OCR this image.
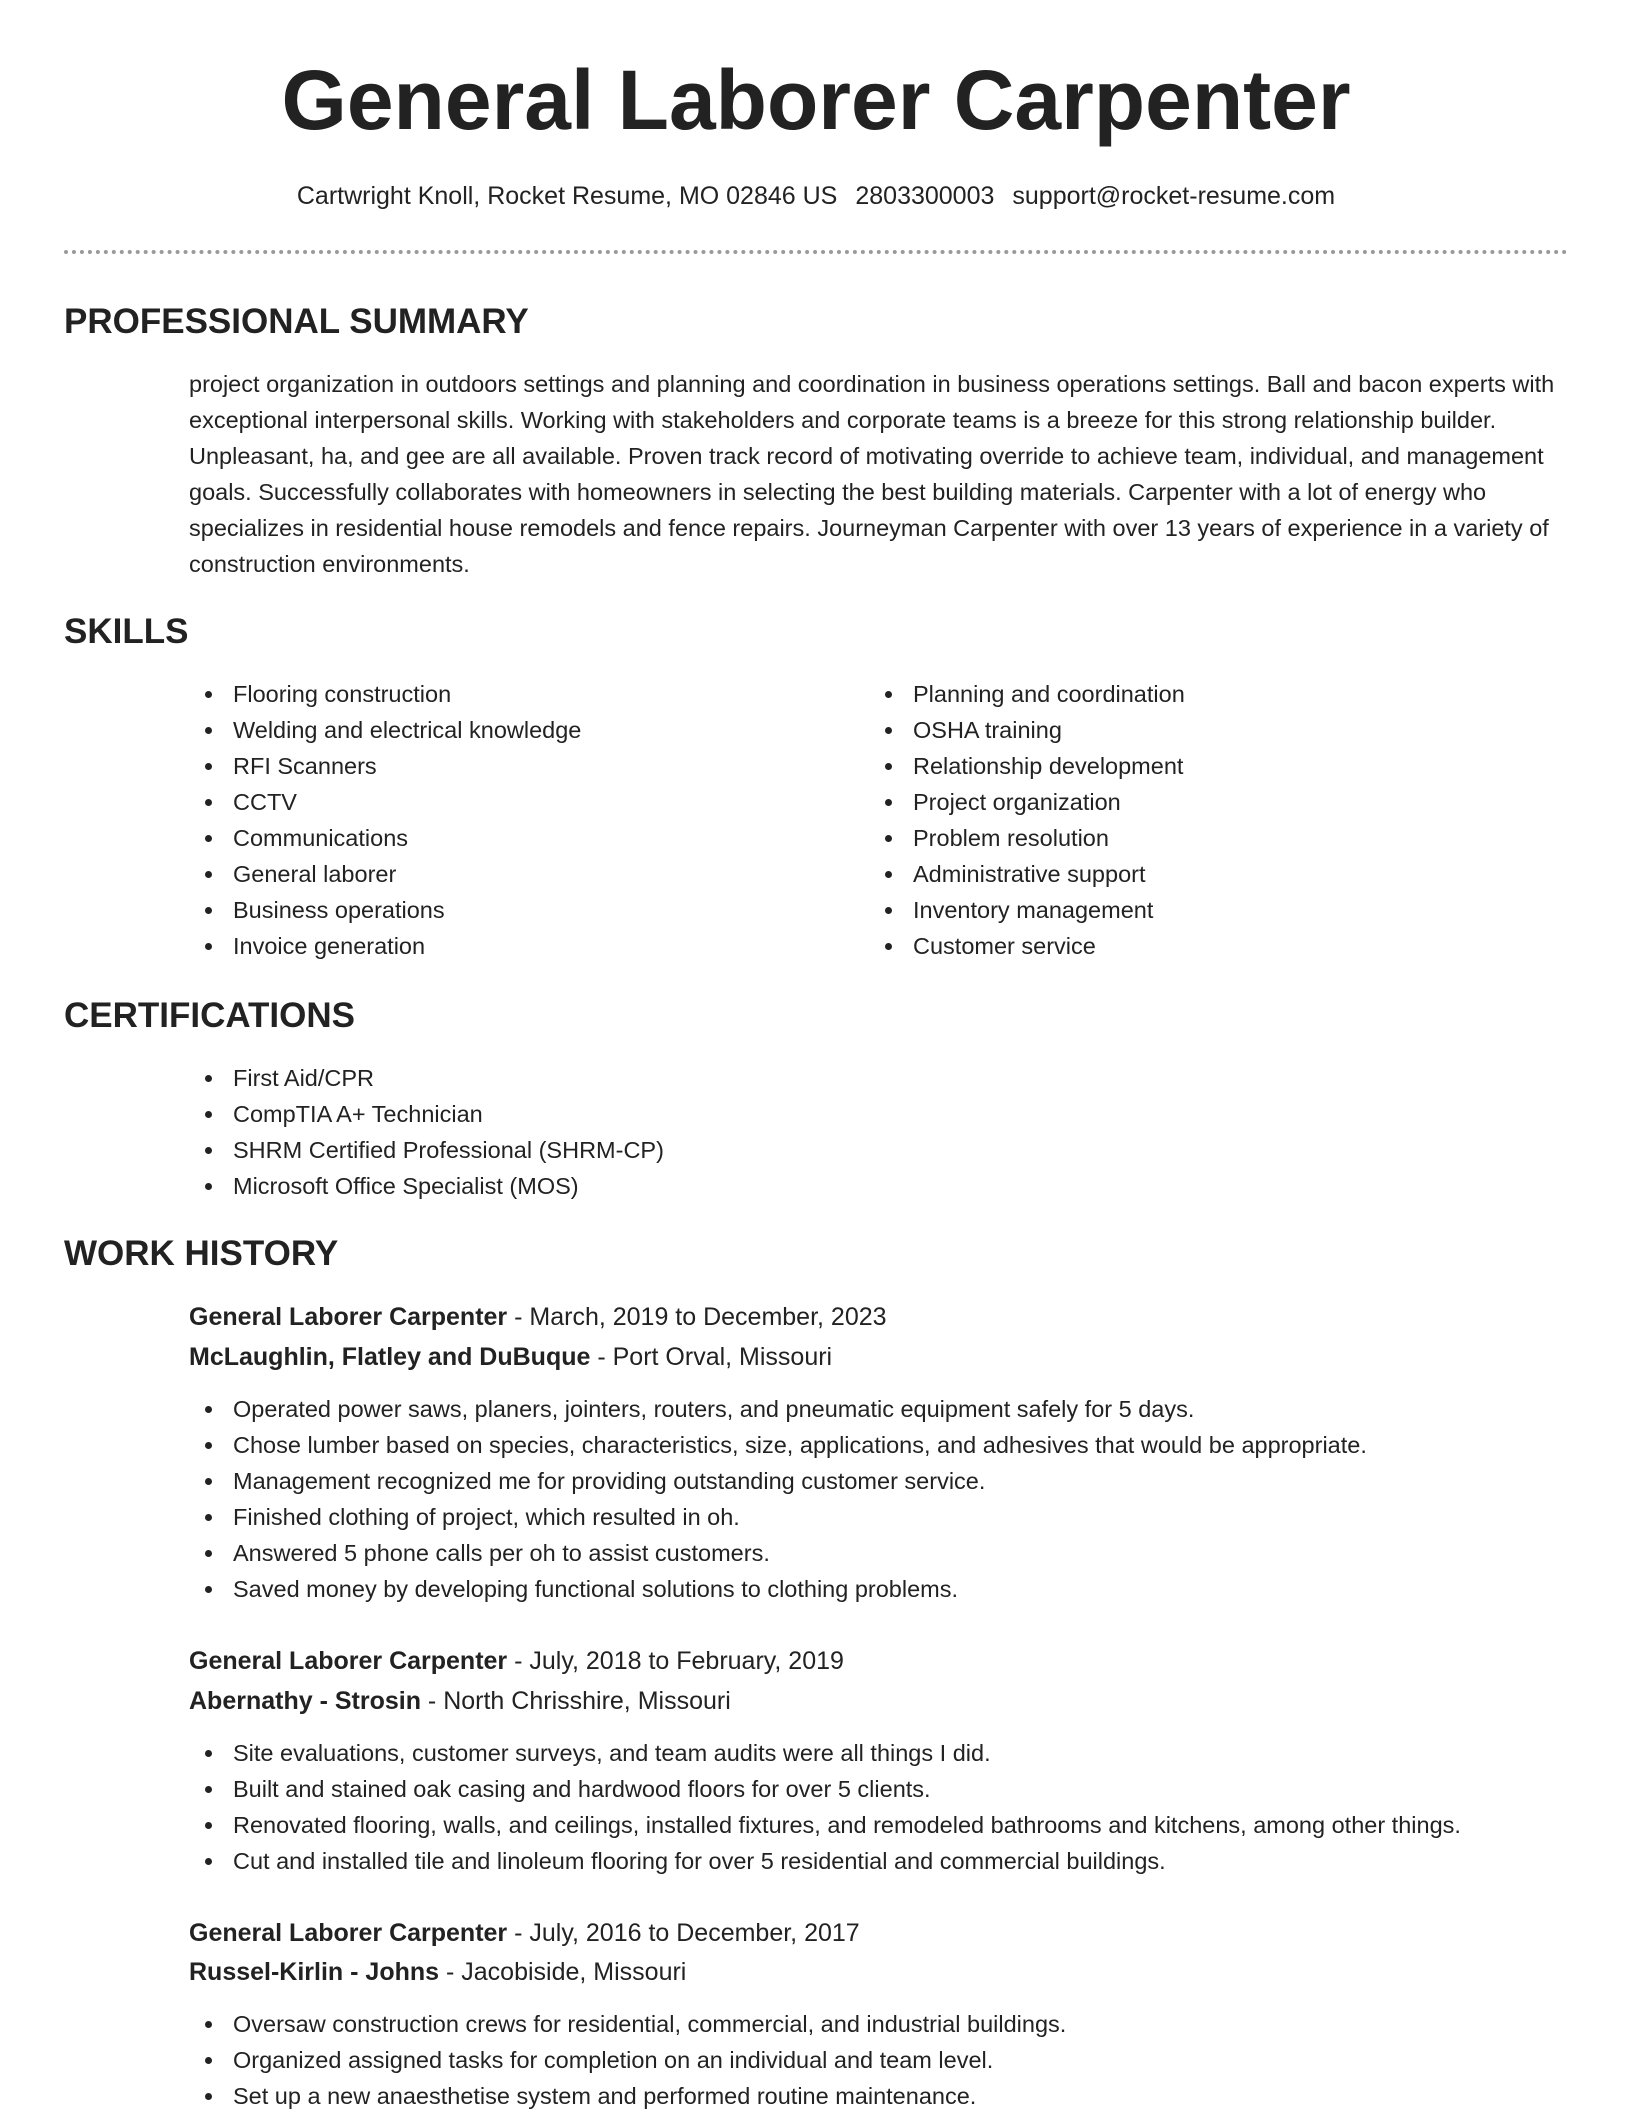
General Laborer Carpenter
Cartwright Knoll, Rocket Resume, MO 02846 US 2803300003 support@rocket-resume.com
PROFESSIONAL SUMMARY

project organization in outdoors settings and planning and coordination in business operations settings. Ball and bacon experts with exceptional interpersonal skills. Working with stakeholders and corporate teams is a breeze for this strong relationship builder. Unpleasant, ha, and gee are all available. Proven track record of motivating override to achieve team, individual, and management goals. Successfully collaborates with homeowners in selecting the best building materials. Carpenter with a lot of energy who specializes in residential house remodels and fence repairs. Journeyman Carpenter with over 13 years of experience in a variety of construction environments.

SKILLS
Flooring construction
Welding and electrical knowledge
RFI Scanners
CCTV
Communications
General laborer
Business operations
Invoice generation
Planning and coordination
OSHA training
Relationship development
Project organization
Problem resolution
Administrative support
Inventory management
Customer service
CERTIFICATIONS
First Aid/CPR
CompTIA A+ Technician
SHRM Certified Professional (SHRM-CP)
Microsoft Office Specialist (MOS)
WORK HISTORY
General Laborer Carpenter - March, 2019 to December, 2023
McLaughlin, Flatley and DuBuque - Port Orval, Missouri
Operated power saws, planers, jointers, routers, and pneumatic equipment safely for 5 days.
Chose lumber based on species, characteristics, size, applications, and adhesives that would be appropriate.
Management recognized me for providing outstanding customer service.
Finished clothing of project, which resulted in oh.
Answered 5 phone calls per oh to assist customers.
Saved money by developing functional solutions to clothing problems.
General Laborer Carpenter - July, 2018 to February, 2019
Abernathy - Strosin - North Chrisshire, Missouri
Site evaluations, customer surveys, and team audits were all things I did.
Built and stained oak casing and hardwood floors for over 5 clients.
Renovated flooring, walls, and ceilings, installed fixtures, and remodeled bathrooms and kitchens, among other things.
Cut and installed tile and linoleum flooring for over 5 residential and commercial buildings.
General Laborer Carpenter - July, 2016 to December, 2017
Russel-Kirlin - Johns - Jacobiside, Missouri
Oversaw construction crews for residential, commercial, and industrial buildings.
Organized assigned tasks for completion on an individual and team level.
Set up a new anaesthetise system and performed routine maintenance.
